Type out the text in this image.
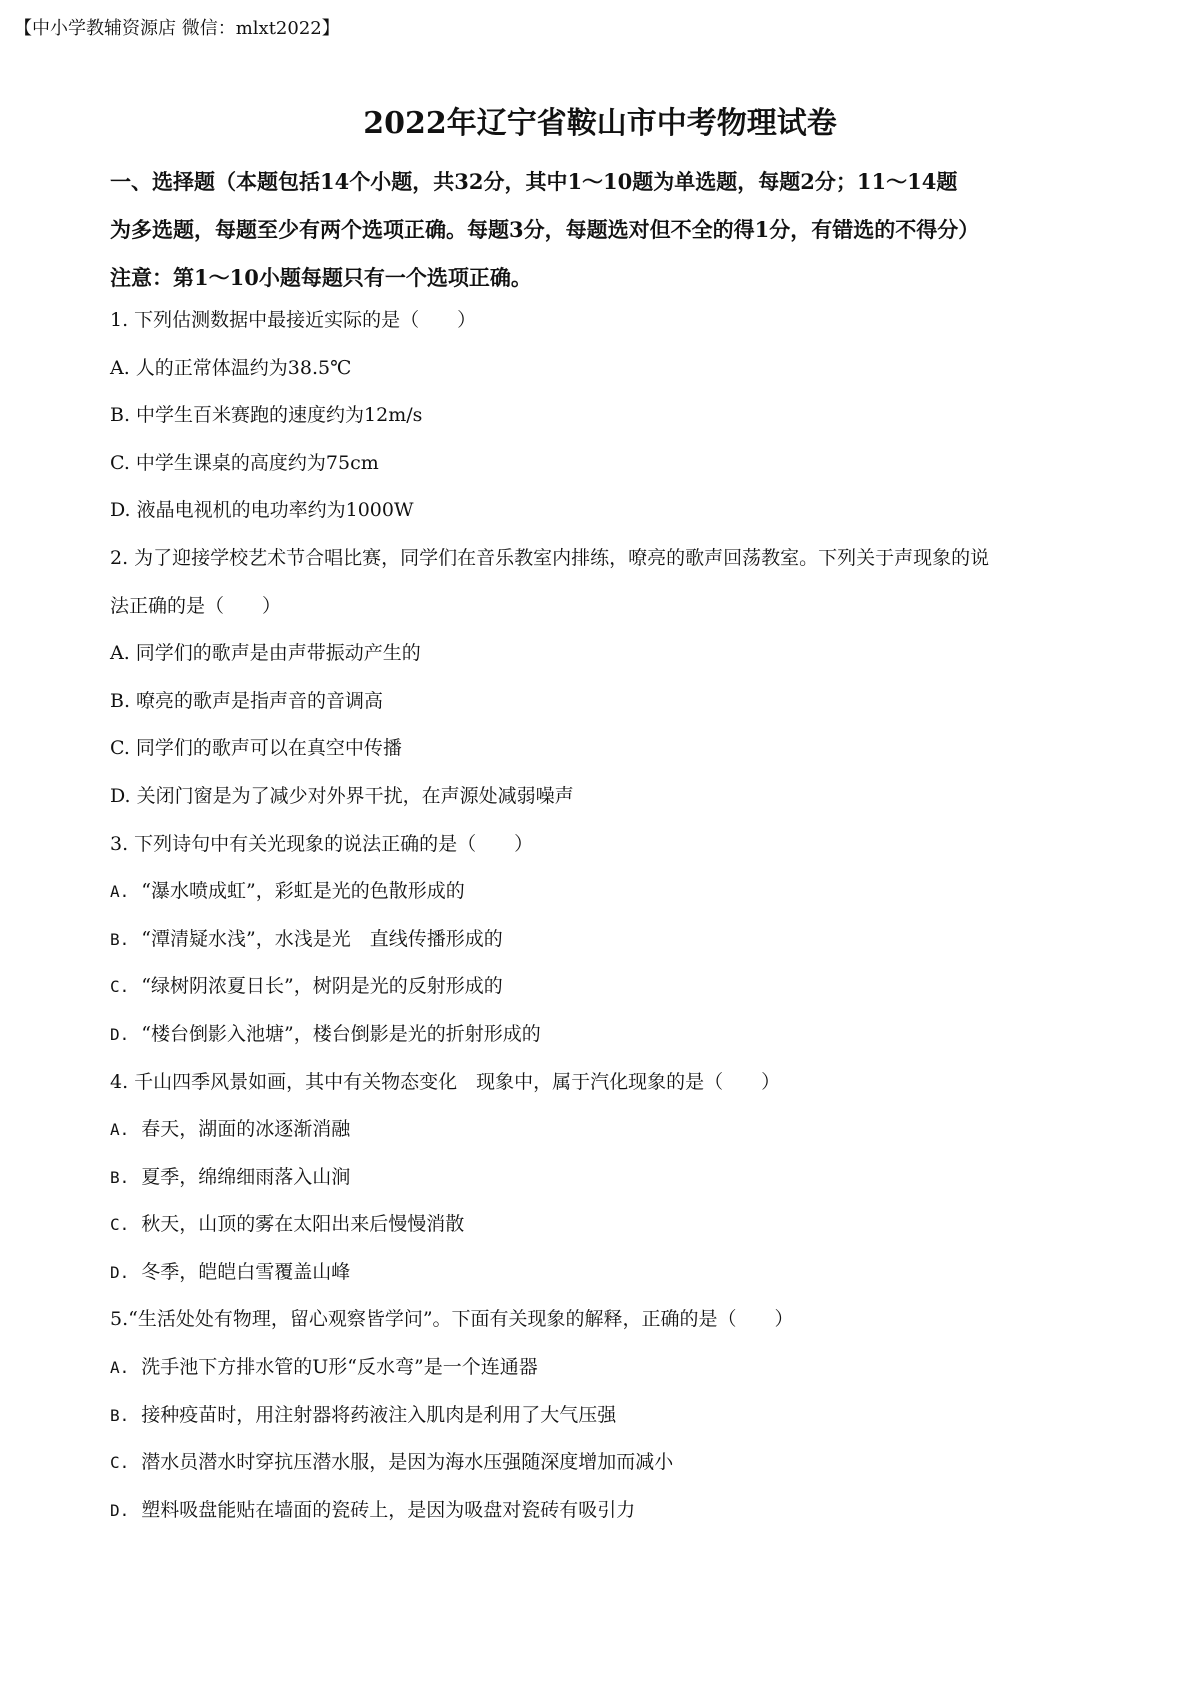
【中小学教辅资源店 微信：mlxt2022】
2022年辽宁省鞍山市中考物理试卷

一、选择题（本题包括14个小题，共32分，其中1～10题为单选题，每题2分；11～14题

为多选题，每题至少有两个选项正确。每题3分，每题选对但不全的得1分，有错选的不得分）

注意：第1～10小题每题只有一个选项正确。

1. 下列估测数据中最接近实际的是（　　）
A. 人的正常体温约为38.5℃
B. 中学生百米赛跑的速度约为12m/s
C. 中学生课桌的高度约为75cm
D. 液晶电视机的电功率约为1000W
2. 为了迎接学校艺术节合唱比赛，同学们在音乐教室内排练，嘹亮的歌声回荡教室。下列关于声现象的说
法正确的是（　　）
A. 同学们的歌声是由声带振动产生的
B. 嘹亮的歌声是指声音的音调高
C. 同学们的歌声可以在真空中传播
D. 关闭门窗是为了减少对外界干扰，在声源处减弱噪声
3. 下列诗句中有关光现象的说法正确的是（　　）
A. “瀑水喷成虹”，彩虹是光的色散形成的
B. “潭清疑水浅”，水浅是光　直线传播形成的
C. “绿树阴浓夏日长”，树阴是光的反射形成的
D. “楼台倒影入池塘”，楼台倒影是光的折射形成的
4. 千山四季风景如画，其中有关物态变化　现象中，属于汽化现象的是（　　）
A. 春天，湖面的冰逐渐消融
B. 夏季，绵绵细雨落入山涧
C. 秋天，山顶的雾在太阳出来后慢慢消散
D. 冬季，皑皑白雪覆盖山峰
5.“生活处处有物理，留心观察皆学问”。下面有关现象的解释，正确的是（　　）
A. 洗手池下方排水管的U形“反水弯”是一个连通器
B. 接种疫苗时，用注射器将药液注入肌肉是利用了大气压强
C. 潜水员潜水时穿抗压潜水服，是因为海水压强随深度增加而减小
D. 塑料吸盘能贴在墙面的瓷砖上，是因为吸盘对瓷砖有吸引力
